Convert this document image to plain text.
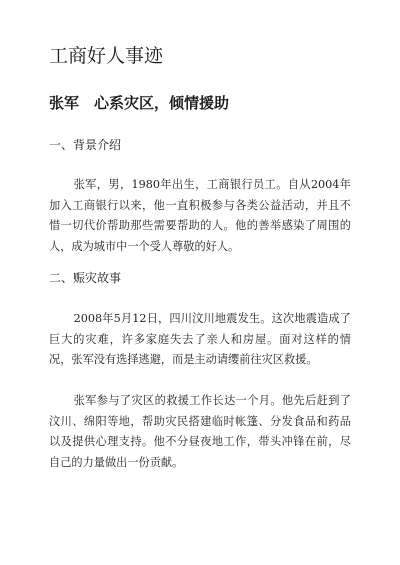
工商好人事迹
张军　心系灾区，倾情援助
一、背景介绍

张军，男，1980年出生，工商银行员工。自从2004年加入工商银行以来，他一直积极参与各类公益活动，并且不惜一切代价帮助那些需要帮助的人。他的善举感染了周围的人，成为城市中一个受人尊敬的好人。

二、赈灾故事

2008年5月12日，四川汶川地震发生。这次地震造成了巨大的灾难，许多家庭失去了亲人和房屋。面对这样的情况，张军没有选择逃避，而是主动请缨前往灾区救援。

张军参与了灾区的救援工作长达一个月。他先后赶到了汶川、绵阳等地，帮助灾民搭建临时帐篷、分发食品和药品以及提供心理支持。他不分昼夜地工作，带头冲锋在前，尽自己的力量做出一份贡献。
